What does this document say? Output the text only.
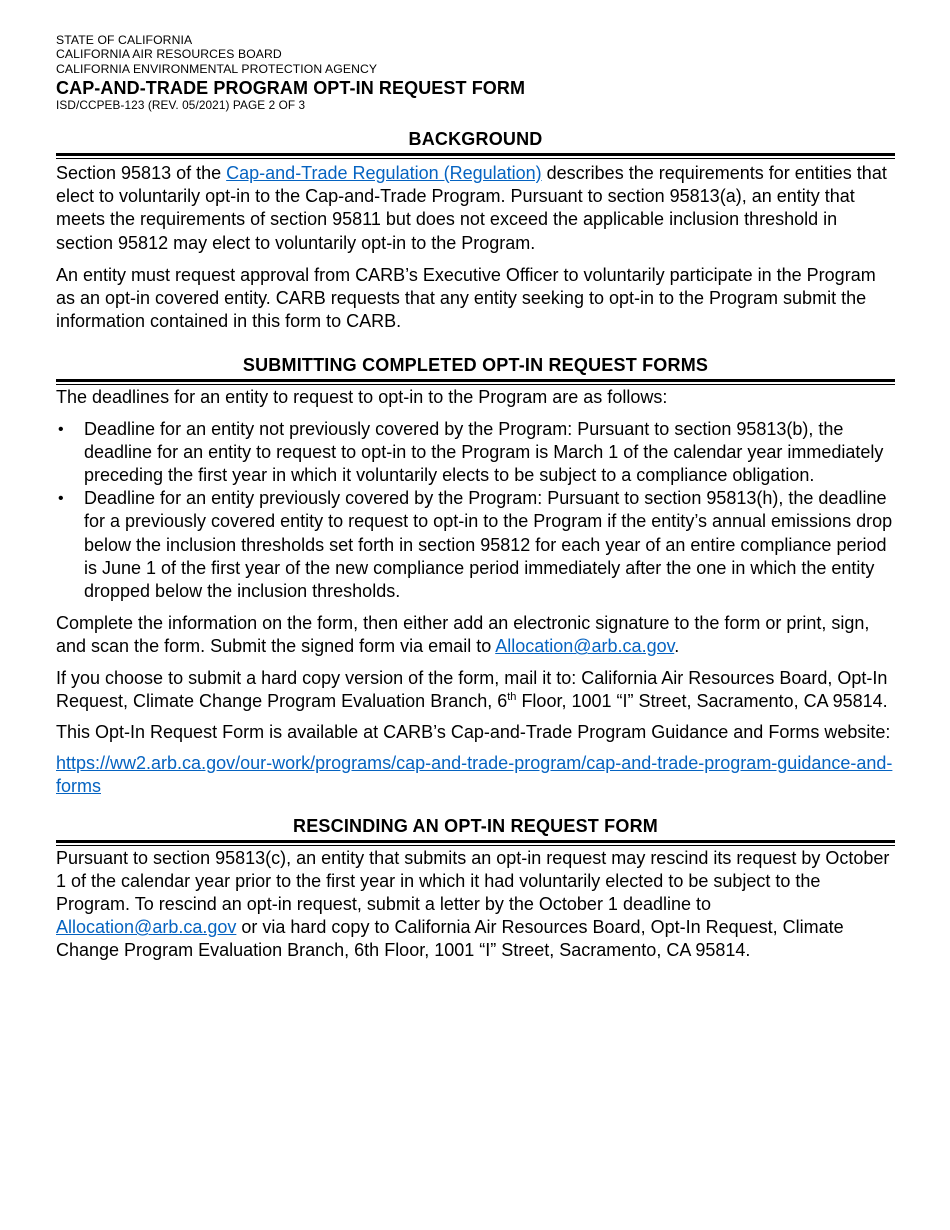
STATE OF CALIFORNIA
CALIFORNIA AIR RESOURCES BOARD
CALIFORNIA ENVIRONMENTAL PROTECTION AGENCY
CAP-AND-TRADE PROGRAM OPT-IN REQUEST FORM
ISD/CCPEB-123 (REV. 05/2021) PAGE 2 OF 3
BACKGROUND

Section 95813 of the Cap-and-Trade Regulation (Regulation) describes the requirements for entities that elect to voluntarily opt-in to the Cap-and-Trade Program. Pursuant to section 95813(a), an entity that meets the requirements of section 95811 but does not exceed the applicable inclusion threshold in section 95812 may elect to voluntarily opt-in to the Program.

An entity must request approval from CARB’s Executive Officer to voluntarily participate in the Program as an opt-in covered entity. CARB requests that any entity seeking to opt-in to the Program submit the information contained in this form to CARB.

SUBMITTING COMPLETED OPT-IN REQUEST FORMS

The deadlines for an entity to request to opt-in to the Program are as follows:

• Deadline for an entity not previously covered by the Program: Pursuant to section 95813(b), the deadline for an entity to request to opt-in to the Program is March 1 of the calendar year immediately preceding the first year in which it voluntarily elects to be subject to a compliance obligation.
• Deadline for an entity previously covered by the Program: Pursuant to section 95813(h), the deadline for a previously covered entity to request to opt-in to the Program if the entity’s annual emissions drop below the inclusion thresholds set forth in section 95812 for each year of an entire compliance period is June 1 of the first year of the new compliance period immediately after the one in which the entity dropped below the inclusion thresholds.

Complete the information on the form, then either add an electronic signature to the form or print, sign, and scan the form. Submit the signed form via email to Allocation@arb.ca.gov.

If you choose to submit a hard copy version of the form, mail it to: California Air Resources Board, Opt-In Request, Climate Change Program Evaluation Branch, 6th Floor, 1001 “I” Street, Sacramento, CA 95814.

This Opt-In Request Form is available at CARB’s Cap-and-Trade Program Guidance and Forms website:

https://ww2.arb.ca.gov/our-work/programs/cap-and-trade-program/cap-and-trade-program-guidance-and-forms

RESCINDING AN OPT-IN REQUEST FORM

Pursuant to section 95813(c), an entity that submits an opt-in request may rescind its request by October 1 of the calendar year prior to the first year in which it had voluntarily elected to be subject to the Program. To rescind an opt-in request, submit a letter by the October 1 deadline to Allocation@arb.ca.gov or via hard copy to California Air Resources Board, Opt-In Request, Climate Change Program Evaluation Branch, 6th Floor, 1001 “I” Street, Sacramento, CA 95814.
